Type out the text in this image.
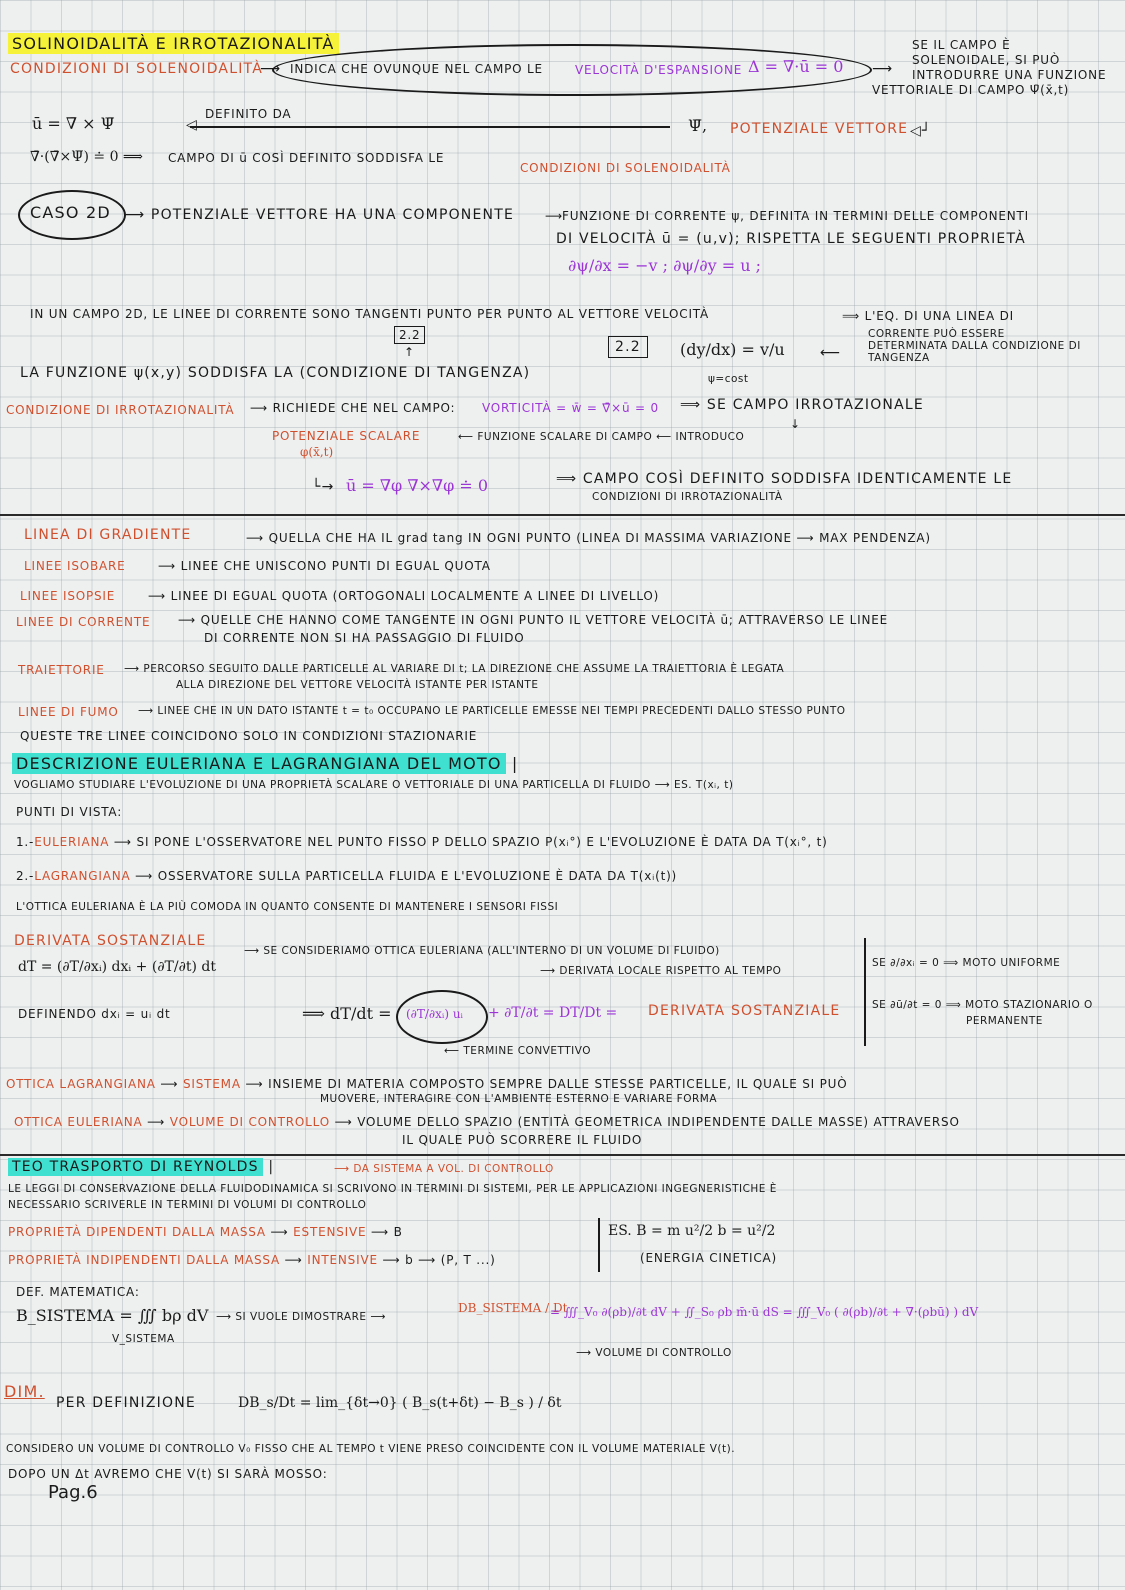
SOLINOIDALITÀ E IRROTAZIONALITÀ
CONDIZIONI DI SOLENOIDALITÀ
⟶ INDICA CHE OVUNQUE NEL CAMPO LE	VELOCITÀ D'ESPANSIONE Δ = ∇̄·ū = 0 ⟶
SE IL CAMPO È
SOLENOIDALE, SI PUÒ
INTRODURRE UNA FUNZIONE
VETTORIALE DI CAMPO Ψ̄(x̄,t)
ū = ∇̄ × Ψ̄	DEFINITO DA
◁	Ψ̄, POTENZIALE VETTORE ◁┘
∇̄·(∇̄×Ψ̄) ≐ 0 ⟹ CAMPO DI ū COSÌ DEFINITO SODDISFA LE
CONDIZIONI DI SOLENOIDALITÀ
CASO 2D ⟶ POTENZIALE VETTORE HA UNA COMPONENTE	⟶
FUNZIONE DI CORRENTE ψ, DEFINITA IN TERMINI DELLE COMPONENTI
DI VELOCITÀ ū = (u,v); RISPETTA LE SEGUENTI PROPRIETÀ
∂ψ/∂x = −v ; ∂ψ/∂y = u ;
IN UN CAMPO 2D, LE LINEE DI CORRENTE SONO TANGENTI PUNTO PER PUNTO AL VETTORE VELOCITÀ	⟹ L'EQ. DI UNA LINEA DI
CORRENTE PUÒ ESSERE
DETERMINATA DALLA CONDIZIONE DI
TANGENZA
2.2
↑
LA FUNZIONE ψ(x,y) SODDISFA LA (CONDIZIONE DI TANGENZA)
2.2	(dy/dx) = v/u
ψ=cost
⟵
CONDIZIONE DI IRROTAZIONALITÀ ⟶ RICHIEDE CHE NEL CAMPO: VORTICITÀ = w̄ = ∇̄×ū = 0 ⟹ SE CAMPO IRROTAZIONALE
↓
POTENZIALE SCALARE
φ(x̄,t)
⟵ FUNZIONE SCALARE DI CAMPO ⟵ INTRODUCO
└→ ū = ∇̄φ ∇̄×∇̄φ ≐ 0	⟹ CAMPO COSÌ DEFINITO SODDISFA IDENTICAMENTE LE
CONDIZIONI DI IRROTAZIONALITÀ
LINEA DI GRADIENTE	⟶ QUELLA CHE HA IL grad tang IN OGNI PUNTO (LINEA DI MASSIMA VARIAZIONE ⟶ MAX PENDENZA)
LINEE ISOBARE	⟶ LINEE CHE UNISCONO PUNTI DI EGUAL QUOTA
LINEE ISOPSIE	⟶ LINEE DI EGUAL QUOTA (ORTOGONALI LOCALMENTE A LINEE DI LIVELLO)
LINEE DI CORRENTE ⟶ QUELLE CHE HANNO COME TANGENTE IN OGNI PUNTO IL VETTORE VELOCITÀ ū; ATTRAVERSO LE LINEE
DI CORRENTE NON SI HA PASSAGGIO DI FLUIDO
TRAIETTORIE ⟶ PERCORSO SEGUITO DALLE PARTICELLE AL VARIARE DI t; LA DIREZIONE CHE ASSUME LA TRAIETTORIA È LEGATA
ALLA DIREZIONE DEL VETTORE VELOCITÀ ISTANTE PER ISTANTE
LINEE DI FUMO ⟶ LINEE CHE IN UN DATO ISTANTE t = t₀ OCCUPANO LE PARTICELLE EMESSE NEI TEMPI PRECEDENTI DALLO STESSO PUNTO
QUESTE TRE LINEE COINCIDONO SOLO IN CONDIZIONI STAZIONARIE
DESCRIZIONE EULERIANA E LAGRANGIANA DEL MOTO |
VOGLIAMO STUDIARE L'EVOLUZIONE DI UNA PROPRIETÀ SCALARE O VETTORIALE DI UNA PARTICELLA DI FLUIDO ⟶ ES. T(xᵢ, t)
PUNTI DI VISTA:
1.-EULERIANA ⟶ SI PONE L'OSSERVATORE NEL PUNTO FISSO P DELLO SPAZIO P(xᵢ°) E L'EVOLUZIONE È DATA DA T(xᵢ°, t)
2.-LAGRANGIANA ⟶ OSSERVATORE SULLA PARTICELLA FLUIDA E L'EVOLUZIONE È DATA DA T(xᵢ(t))
L'OTTICA EULERIANA È LA PIÙ COMODA IN QUANTO CONSENTE DI MANTENERE I SENSORI FISSI
DERIVATA SOSTANZIALE
dT = (∂T/∂xᵢ) dxᵢ + (∂T/∂t) dt
⟶ SE CONSIDERIAMO OTTICA EULERIANA (ALL'INTERNO DI UN VOLUME DI FLUIDO)
⟶ DERIVATA LOCALE RISPETTO AL TEMPO
DEFINENDO dxᵢ = uᵢ dt	⟹ dT/dt = (∂T/∂xᵢ) uᵢ + ∂T/∂t = DT/Dt = DERIVATA SOSTANZIALE
⟵ TERMINE CONVETTIVO
SE ∂/∂xᵢ = 0 ⟹ MOTO UNIFORME
SE ∂ū/∂t = 0 ⟹ MOTO STAZIONARIO O
PERMANENTE
OTTICA LAGRANGIANA ⟶ SISTEMA ⟶ INSIEME DI MATERIA COMPOSTO SEMPRE DALLE STESSE PARTICELLE, IL QUALE SI PUÒ
MUOVERE, INTERAGIRE CON L'AMBIENTE ESTERNO E VARIARE FORMA
OTTICA EULERIANA ⟶ VOLUME DI CONTROLLO ⟶ VOLUME DELLO SPAZIO (ENTITÀ GEOMETRICA INDIPENDENTE DALLE MASSE) ATTRAVERSO
IL QUALE PUÒ SCORRERE IL FLUIDO
TEO TRASPORTO DI REYNOLDS |	⟶ DA SISTEMA A VOL. DI CONTROLLO
LE LEGGI DI CONSERVAZIONE DELLA FLUIDODINAMICA SI SCRIVONO IN TERMINI DI SISTEMI, PER LE APPLICAZIONI INGEGNERISTICHE È
NECESSARIO SCRIVERLE IN TERMINI DI VOLUMI DI CONTROLLO
PROPRIETÀ DIPENDENTI DALLA MASSA ⟶ ESTENSIVE ⟶ B
PROPRIETÀ INDIPENDENTI DALLA MASSA ⟶ INTENSIVE ⟶ b ⟶ (P, T ...)
ES. B = m u²/2 b = u²/2
(ENERGIA CINETICA)
DEF. MATEMATICA:
B_SISTEMA = ∭ bρ dV
V_SISTEMA
⟶ SI VUOLE DIMOSTRARE ⟶
DB_SISTEMA / Dt
= ∭_V₀ ∂(ρb)/∂t dV + ∬_S₀ ρb m̄·ū dS = ∭_V₀ ( ∂(ρb)/∂t + ∇̄·(ρbū) ) dV
⟶ VOLUME DI CONTROLLO
DIM.
PER DEFINIZIONE	DB_s/Dt = lim_{δt→0} ( B_s(t+δt) − B_s ) / δt
CONSIDERO UN VOLUME DI CONTROLLO V₀ FISSO CHE AL TEMPO t VIENE PRESO COINCIDENTE CON IL VOLUME MATERIALE V(t).
DOPO UN Δt AVREMO CHE V(t) SI SARÀ MOSSO:
Pag.6
